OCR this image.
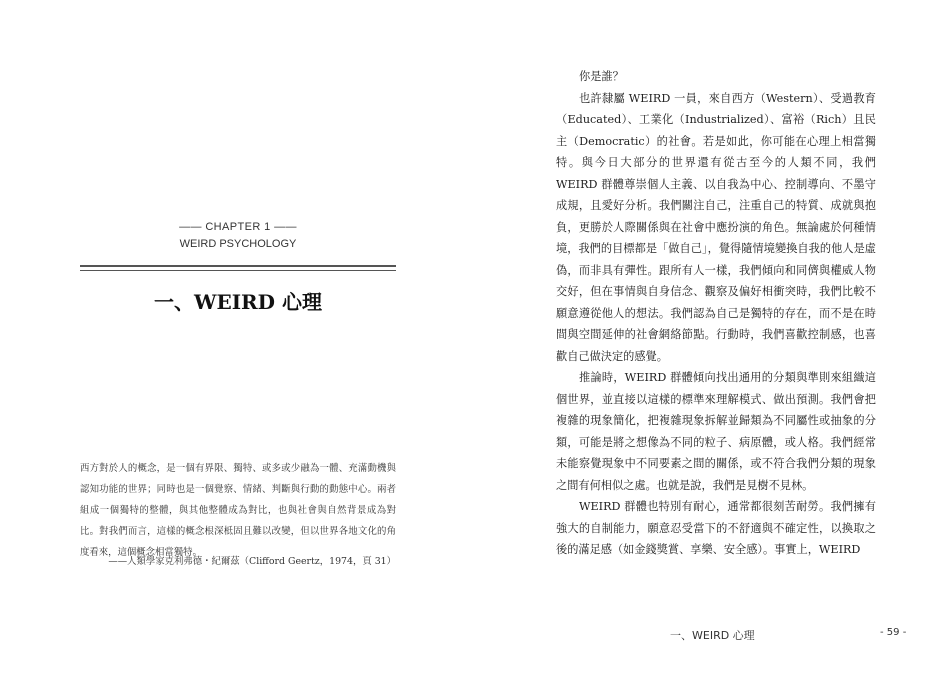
—— CHAPTER 1 ——
WEIRD PSYCHOLOGY
一、WEIRD 心理

西方對於人的概念，是一個有界限、獨特、或多或少融為一體、充滿動機與認知功能的世界；同時也是一個覺察、情緒、判斷與行動的動態中心。兩者組成一個獨特的整體，與其他整體成為對比，也與社會與自然背景成為對比。對我們而言，這樣的概念根深柢固且難以改變，但以世界各地文化的角度看來，這個概念相當獨特。

——人類學家克利弗德・紀爾茲（Clifford Geertz，1974，頁 31）

你是誰？

也許隸屬 WEIRD 一員，來自西方（Western）、受過教育（Educated）、工業化（Industrialized）、富裕（Rich）且民主（Democratic）的社會。若是如此，你可能在心理上相當獨特。與今日大部分的世界還有從古至今的人類不同，我們 WEIRD 群體尊崇個人主義、以自我為中心、控制導向、不墨守成規，且愛好分析。我們關注自己，注重自己的特質、成就與抱負，更勝於人際關係與在社會中應扮演的角色。無論處於何種情境，我們的目標都是「做自己」，覺得隨情境變換自我的他人是虛偽，而非具有彈性。跟所有人一樣，我們傾向和同儕與權威人物交好，但在事情與自身信念、觀察及偏好相衝突時，我們比較不願意遵從他人的想法。我們認為自己是獨特的存在，而不是在時間與空間延伸的社會網絡節點。行動時，我們喜歡控制感，也喜歡自己做決定的感覺。

推論時，WEIRD 群體傾向找出通用的分類與準則來組織這個世界，並直接以這樣的標準來理解模式、做出預測。我們會把複雜的現象簡化，把複雜現象拆解並歸類為不同屬性或抽象的分類，可能是將之想像為不同的粒子、病原體，或人格。我們經常未能察覺現象中不同要素之間的關係，或不符合我們分類的現象之間有何相似之處。也就是說，我們是見樹不見林。

WEIRD 群體也特別有耐心，通常都很刻苦耐勞。我們擁有強大的自制能力，願意忍受當下的不舒適與不確定性，以換取之後的滿足感（如金錢獎賞、享樂、安全感）。事實上，WEIRD

一、WEIRD 心理	- 59 -
